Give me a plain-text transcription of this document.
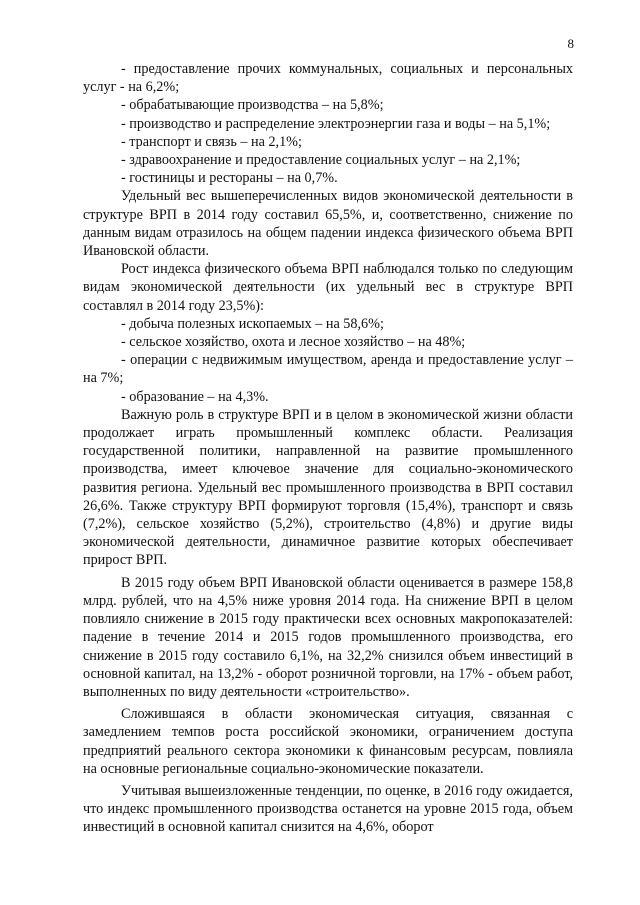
8

- предоставление прочих коммунальных, социальных и персональных услуг - на 6,2%;

- обрабатывающие производства – на 5,8%;

- производство и распределение электроэнергии газа и воды – на 5,1%;

- транспорт и связь – на 2,1%;

- здравоохранение и предоставление социальных услуг – на 2,1%;

- гостиницы и рестораны – на 0,7%.

Удельный вес вышеперечисленных видов экономической деятельности в структуре ВРП в 2014 году составил 65,5%, и, соответственно, снижение по данным видам отразилось на общем падении индекса физического объема ВРП Ивановской области.

Рост индекса физического объема ВРП наблюдался только по следующим видам экономической деятельности (их удельный вес в структуре ВРП составлял в 2014 году 23,5%):

- добыча полезных ископаемых – на 58,6%;

- сельское хозяйство, охота и лесное хозяйство – на 48%;

- операции с недвижимым имуществом, аренда и предоставление услуг – на 7%;

- образование – на 4,3%.

Важную роль в структуре ВРП и в целом в экономической жизни области продолжает играть промышленный комплекс области. Реализация государственной политики, направленной на развитие промышленного производства, имеет ключевое значение для социально-экономического развития региона. Удельный вес промышленного производства в ВРП составил 26,6%. Также структуру ВРП формируют торговля (15,4%), транспорт и связь (7,2%), сельское хозяйство (5,2%), строительство (4,8%) и другие виды экономической деятельности, динамичное развитие которых обеспечивает прирост ВРП.

В 2015 году объем ВРП Ивановской области оценивается в размере 158,8 млрд. рублей, что на 4,5% ниже уровня 2014 года. На снижение ВРП в целом повлияло снижение в 2015 году практически всех основных макропоказателей: падение в течение 2014 и 2015 годов промышленного производства, его снижение в 2015 году составило 6,1%, на 32,2% снизился объем инвестиций в основной капитал, на 13,2% - оборот розничной торговли, на 17% - объем работ, выполненных по виду деятельности «строительство».

Сложившаяся в области экономическая ситуация, связанная с замедлением темпов роста российской экономики, ограничением доступа предприятий реального сектора экономики к финансовым ресурсам, повлияла на основные региональные социально-экономические показатели.

Учитывая вышеизложенные тенденции, по оценке, в 2016 году ожидается, что индекс промышленного производства останется на уровне 2015 года, объем инвестиций в основной капитал снизится на 4,6%, оборот
